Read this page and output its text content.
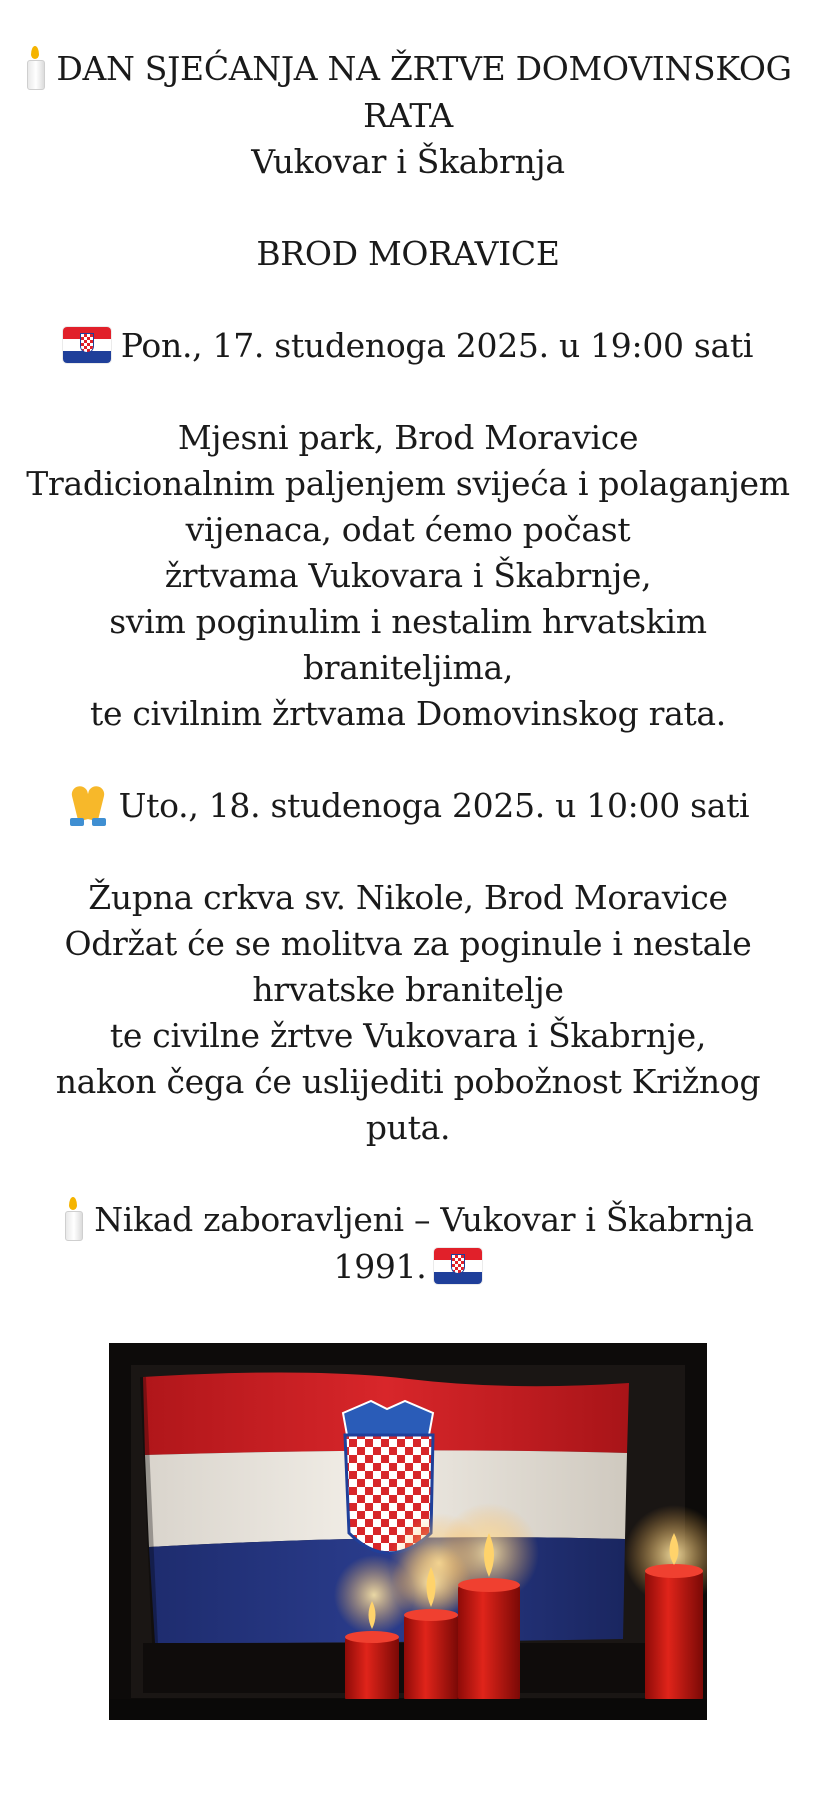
DAN SJEĆANJA NA ŽRTVE DOMOVINSKOG
RATA
Vukovar i Škabrnja
BROD MORAVICE
Pon., 17. studenoga 2025. u 19:00 sati
Mjesni park, Brod Moravice
Tradicionalnim paljenjem svijeća i polaganjem
vijenaca, odat ćemo počast
žrtvama Vukovara i Škabrnje,
svim poginulim i nestalim hrvatskim
braniteljima,
te civilnim žrtvama Domovinskog rata.
Uto., 18. studenoga 2025. u 10:00 sati
Župna crkva sv. Nikole, Brod Moravice
Održat će se molitva za poginule i nestale
hrvatske branitelje
te civilne žrtve Vukovara i Škabrnje,
nakon čega će uslijediti pobožnost Križnog
puta.
Nikad zaboravljeni – Vukovar i Škabrnja
1991.
